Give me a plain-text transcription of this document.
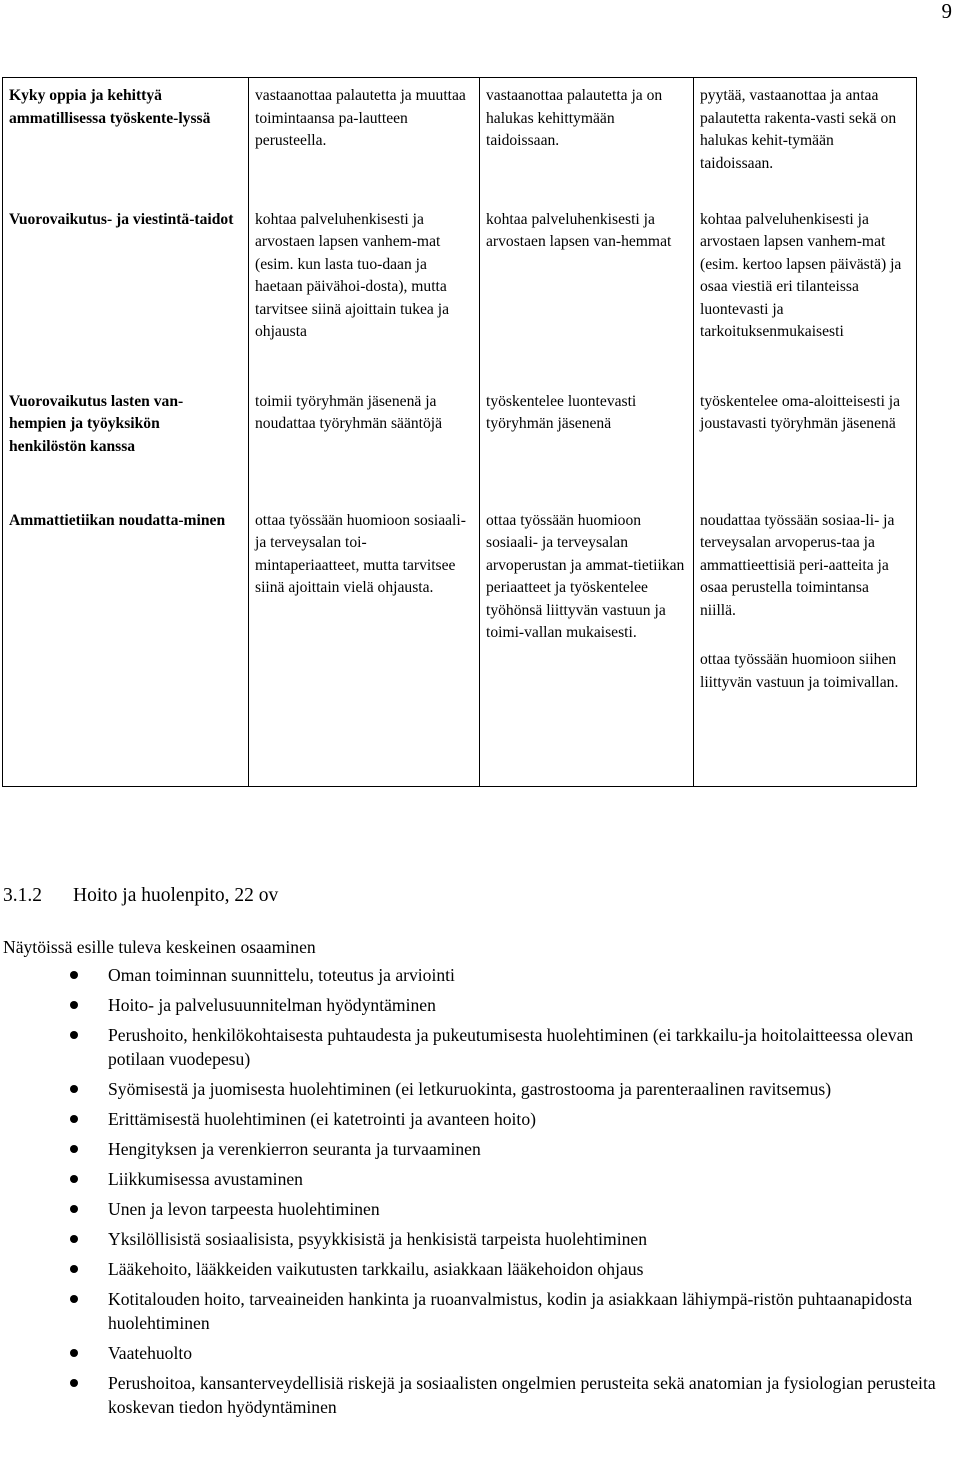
9
Kyky oppia ja kehittyä ammatillisessa työskente-lyssä	vastaanottaa palautetta ja muuttaa toimintaansa pa-lautteen perusteella.	vastaanottaa palautetta ja on halukas kehittymään taidoissaan.	pyytää, vastaanottaa ja antaa palautetta rakenta-vasti sekä on halukas kehit-tymään taidoissaan.
Vuorovaikutus- ja viestintä-taidot	kohtaa palveluhenkisesti ja arvostaen lapsen vanhem-mat (esim. kun lasta tuo-daan ja haetaan päivähoi-dosta), mutta tarvitsee siinä ajoittain tukea ja ohjausta	kohtaa palveluhenkisesti ja arvostaen lapsen van-hemmat	kohtaa palveluhenkisesti ja arvostaen lapsen vanhem-mat (esim. kertoo lapsen päivästä) ja osaa viestiä eri tilanteissa luontevasti ja tarkoituksenmukaisesti
Vuorovaikutus lasten van-hempien ja työyksikön henkilöstön kanssa	toimii työryhmän jäsenenä ja noudattaa työryhmän sääntöjä	työskentelee luontevasti työryhmän jäsenenä	työskentelee oma-aloitteisesti ja joustavasti työryhmän jäsenenä
Ammattietiikan noudatta-minen	ottaa työssään huomioon sosiaali- ja terveysalan toi-mintaperiaatteet, mutta tarvitsee siinä ajoittain vielä ohjausta.	ottaa työssään huomioon sosiaali- ja terveysalan arvoperustan ja ammat-tietiikan periaatteet ja työskentelee työhönsä liittyvän vastuun ja toimi-vallan mukaisesti.	noudattaa työssään sosiaa-li- ja terveysalan arvoperus-taa ja ammattieettisiä peri-aatteita ja osaa perustella toimintansa niillä.
ottaa työssään huomioon siihen liittyvän vastuun ja toimivallan.
3.1.2 Hoito ja huolenpito, 22 ov
Näytöissä esille tuleva keskeinen osaaminen
Oman toiminnan suunnittelu, toteutus ja arviointi
Hoito- ja palvelusuunnitelman hyödyntäminen
Perushoito, henkilökohtaisesta puhtaudesta ja pukeutumisesta huolehtiminen (ei tarkkailu-ja hoitolaitteessa olevan potilaan vuodepesu)
Syömisestä ja juomisesta huolehtiminen (ei letkuruokinta, gastrostooma ja parenteraalinen ravitsemus)
Erittämisestä huolehtiminen (ei katetrointi ja avanteen hoito)
Hengityksen ja verenkierron seuranta ja turvaaminen
Liikkumisessa avustaminen
Unen ja levon tarpeesta huolehtiminen
Yksilöllisistä sosiaalisista, psyykkisistä ja henkisistä tarpeista huolehtiminen
Lääkehoito, lääkkeiden vaikutusten tarkkailu, asiakkaan lääkehoidon ohjaus
Kotitalouden hoito, tarveaineiden hankinta ja ruoanvalmistus, kodin ja asiakkaan lähiympä-ristön puhtaanapidosta huolehtiminen
Vaatehuolto
Perushoitoa, kansanterveydellisiä riskejä ja sosiaalisten ongelmien perusteita sekä anatomian ja fysiologian perusteita koskevan tiedon hyödyntäminen
